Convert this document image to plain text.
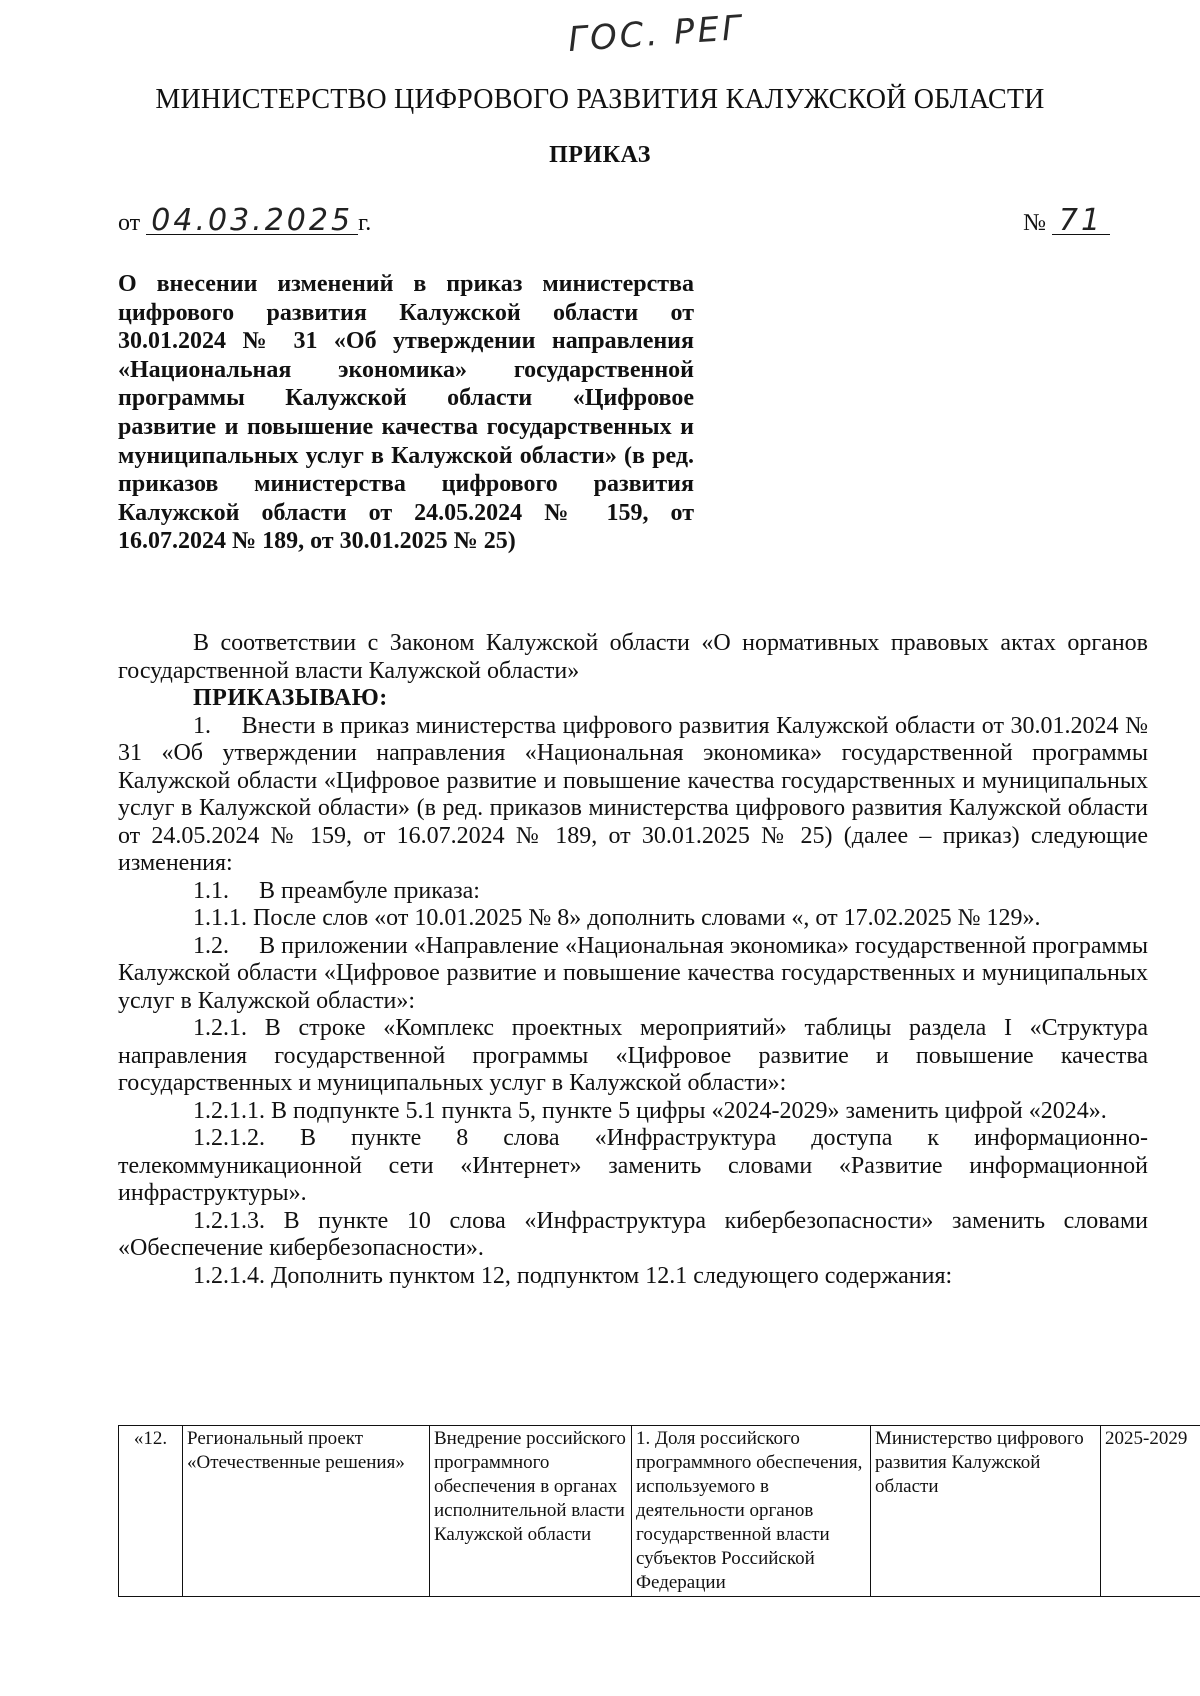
ГОС. РЕГ
МИНИСТЕРСТВО ЦИФРОВОГО РАЗВИТИЯ КАЛУЖСКОЙ ОБЛАСТИ
ПРИКАЗ
от 04.03.2025 г.	№ 71

О внесении изменений в приказ министерства цифрового развития Калужской области от 30.01.2024 № 31 «Об утверждении направления «Национальная экономика» государственной программы Калужской области «Цифровое развитие и повышение качества государственных и муниципальных услуг в Калужской области» (в ред. приказов министерства цифрового развития Калужской области от 24.05.2024 № 159, от 16.07.2024 № 189, от 30.01.2025 № 25)

В соответствии с Законом Калужской области «О нормативных правовых актах органов государственной власти Калужской области»

ПРИКАЗЫВАЮ:

1.  Внести в приказ министерства цифрового развития Калужской области от 30.01.2024 № 31 «Об утверждении направления «Национальная экономика» государственной программы Калужской области «Цифровое развитие и повышение качества государственных и муниципальных услуг в Калужской области» (в ред. приказов министерства цифрового развития Калужской области от 24.05.2024 № 159, от 16.07.2024 № 189, от 30.01.2025 № 25) (далее – приказ) следующие изменения:

1.1.  В преамбуле приказа:

1.1.1. После слов «от 10.01.2025 № 8» дополнить словами «, от 17.02.2025 № 129».

1.2.  В приложении «Направление «Национальная экономика» государственной программы Калужской области «Цифровое развитие и повышение качества государственных и муниципальных услуг в Калужской области»:

1.2.1. В строке «Комплекс проектных мероприятий» таблицы раздела I «Структура направления государственной программы «Цифровое развитие и повышение качества государственных и муниципальных услуг в Калужской области»:

1.2.1.1. В подпункте 5.1 пункта 5, пункте 5 цифры «2024-2029» заменить цифрой «2024».

1.2.1.2. В пункте 8 слова «Инфраструктура доступа к информационно-телекоммуникационной сети «Интернет» заменить словами «Развитие информационной инфраструктуры».

1.2.1.3. В пункте 10 слова «Инфраструктура кибербезопасности» заменить словами «Обеспечение кибербезопасности».

1.2.1.4. Дополнить пунктом 12, подпунктом 12.1 следующего содержания:

«12.	Региональный проект «Отечественные решения»	Внедрение российского программного обеспечения в органах исполнительной власти Калужской области	1. Доля российского программного обеспечения, используемого в деятельности органов государственной власти субъектов Российской Федерации	Министерство цифрового развития Калужской области	2025-2029
